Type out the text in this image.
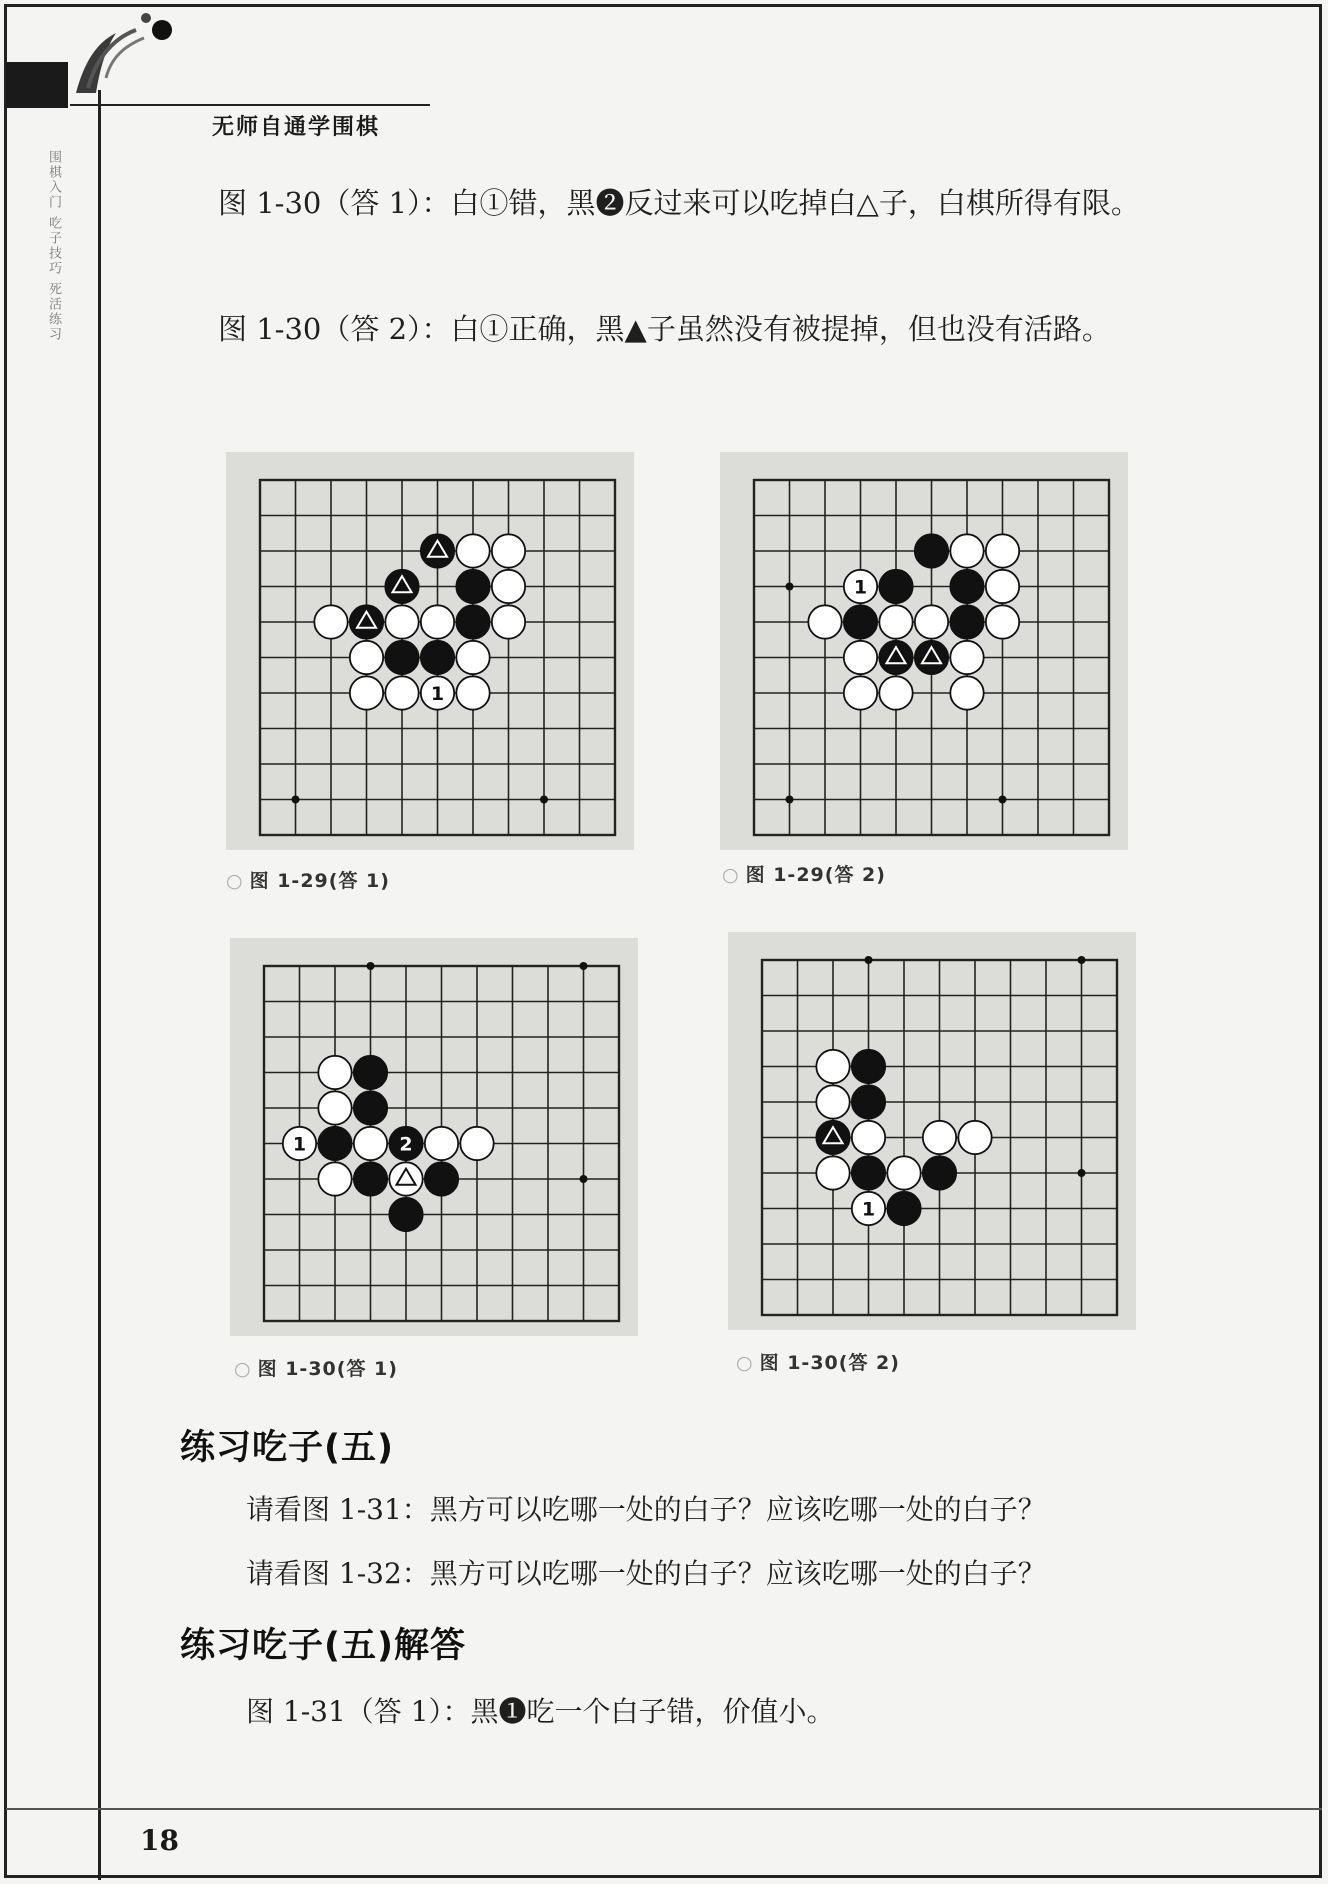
无师自通学围棋
围棋入门 吃子技巧 死活练习	图 1-30（答 1）：白①错，黑❷反过来可以吃掉白△子，白棋所得有限。
图 1-30（答 2）：白①正确，黑▲子虽然没有被提掉，但也没有活路。
1
○ 图 1-29(答 1)
1
○ 图 1-29(答 2)
1	2
○ 图 1-30(答 1)
1
○ 图 1-30(答 2)
练习吃子(五)
请看图 1-31：黑方可以吃哪一处的白子？应该吃哪一处的白子？
请看图 1-32：黑方可以吃哪一处的白子？应该吃哪一处的白子？
练习吃子(五)解答
图 1-31（答 1）：黑❶吃一个白子错，价值小。
18
